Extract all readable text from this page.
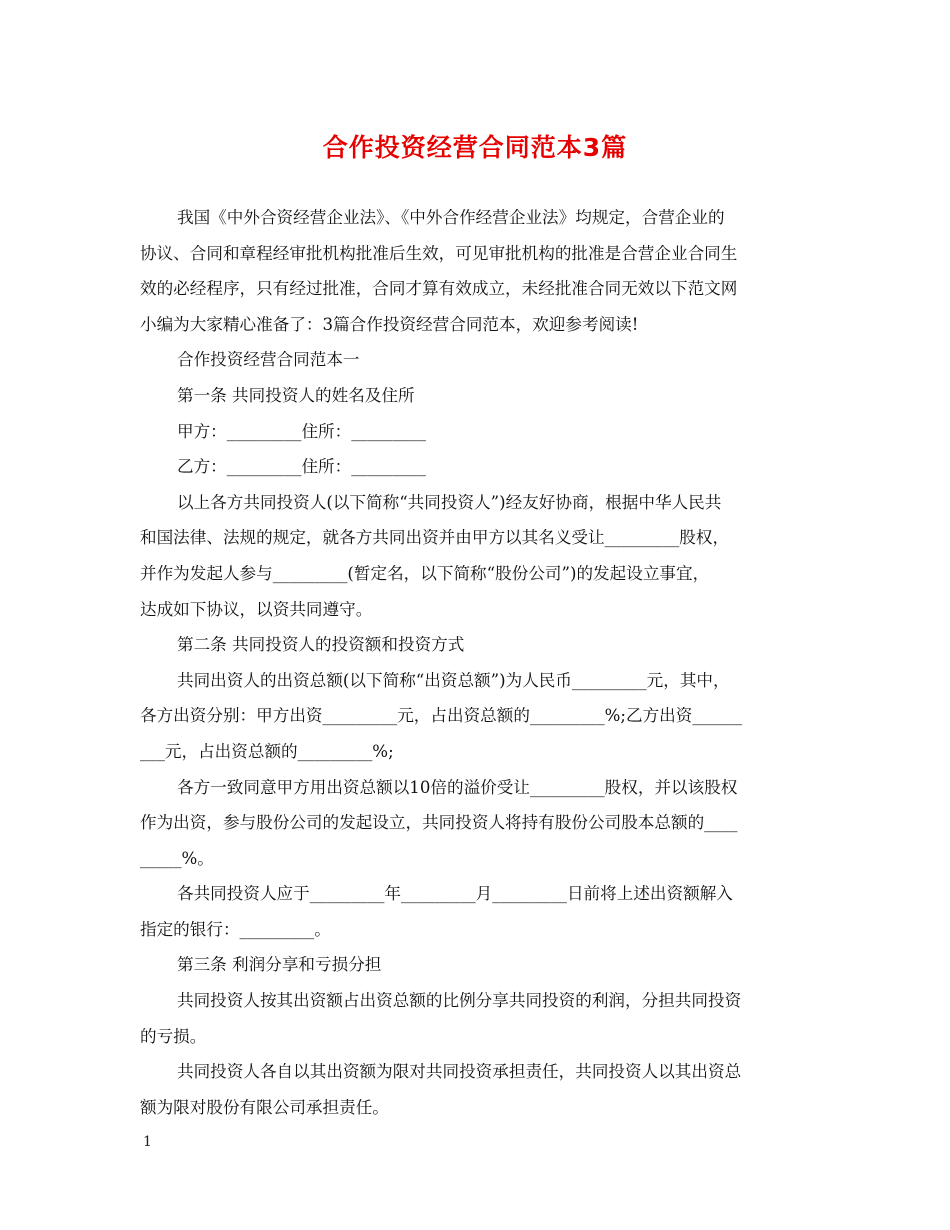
合作投资经营合同范本3篇
我国《中外合资经营企业法》、《中外合作经营企业法》均规定，合营企业的
协议、合同和章程经审批机构批准后生效，可见审批机构的批准是合营企业合同生
效的必经程序，只有经过批准，合同才算有效成立，未经批准合同无效以下范文网
小编为大家精心准备了：3篇合作投资经营合同范本，欢迎参考阅读!
合作投资经营合同范本一
第一条 共同投资人的姓名及住所
甲方：_________住所：_________
乙方：_________住所：_________
以上各方共同投资人(以下简称“共同投资人”)经友好协商，根据中华人民共
和国法律、法规的规定，就各方共同出资并由甲方以其名义受让_________股权，
并作为发起人参与_________(暂定名，以下简称“股份公司”)的发起设立事宜，
达成如下协议，以资共同遵守。
第二条 共同投资人的投资额和投资方式
共同出资人的出资总额(以下简称“出资总额”)为人民币_________元，其中，
各方出资分别：甲方出资_________元，占出资总额的_________%;乙方出资______
___元，占出资总额的_________%;
各方一致同意甲方用出资总额以10倍的溢价受让_________股权，并以该股权
作为出资，参与股份公司的发起设立，共同投资人将持有股份公司股本总额的____
_____%。
各共同投资人应于_________年_________月_________日前将上述出资额解入
指定的银行：_________。
第三条 利润分享和亏损分担
共同投资人按其出资额占出资总额的比例分享共同投资的利润，分担共同投资
的亏损。
共同投资人各自以其出资额为限对共同投资承担责任，共同投资人以其出资总
额为限对股份有限公司承担责任。
1
